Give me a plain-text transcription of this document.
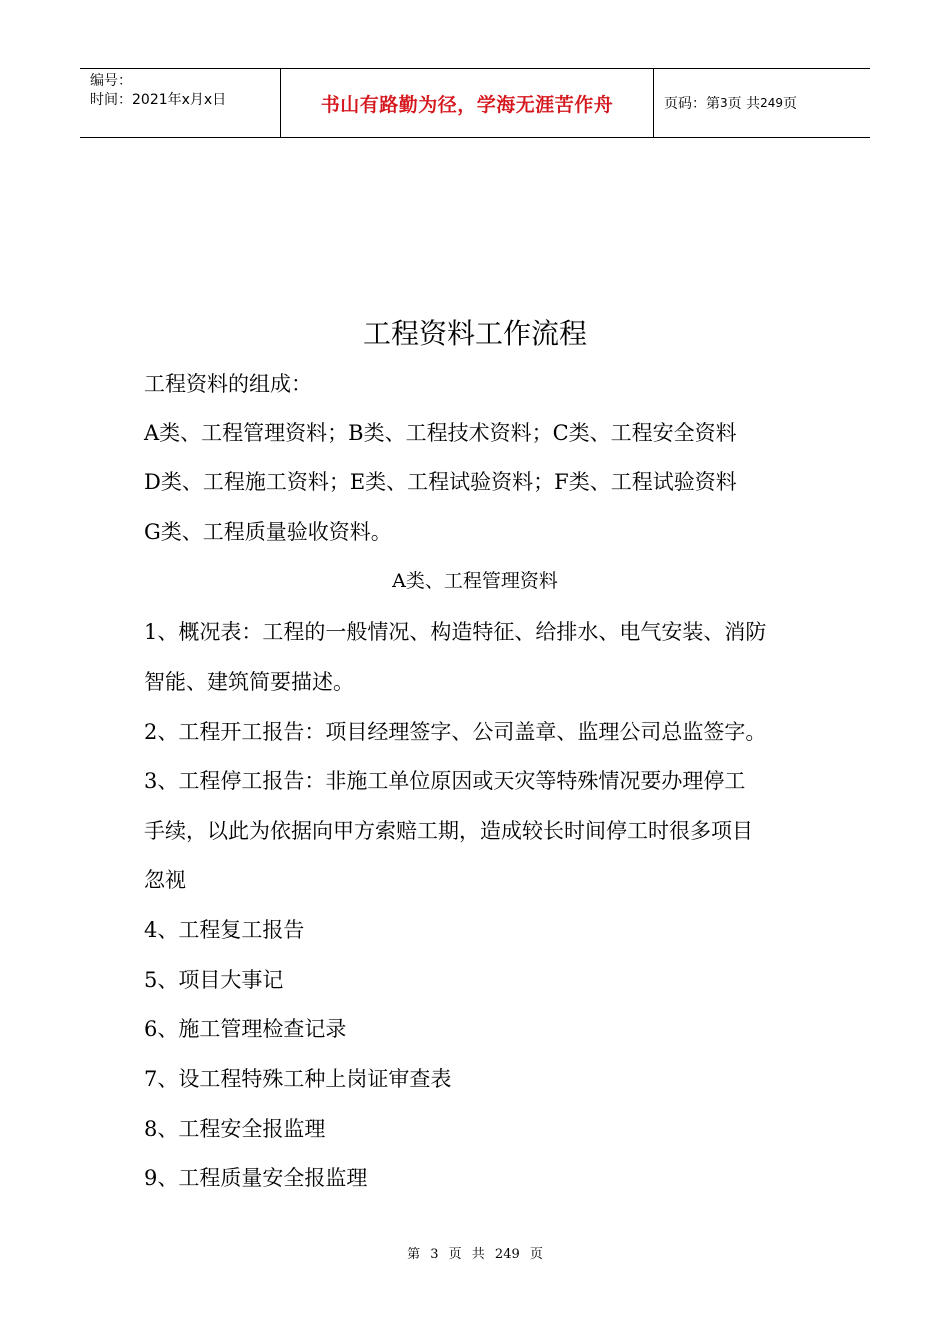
编号：
时间：2021年x月x日	书山有路勤为径，学海无涯苦作舟	页码：第 3 页 共 249 页
工程资料工作流程
工程资料的组成：
A类、工程管理资料；B类、工程技术资料；C类、工程安全资料
D类、工程施工资料；E类、工程试验资料；F类、工程试验资料
G类、工程质量验收资料。
A类、工程管理资料
1、概况表：工程的一般情况、构造特征、给排水、电气安装、消防
智能、建筑简要描述。
2、工程开工报告：项目经理签字、公司盖章、监理公司总监签字。
3、工程停工报告：非施工单位原因或天灾等特殊情况要办理停工
手续，以此为依据向甲方索赔工期，造成较长时间停工时很多项目
忽视
4、工程复工报告
5、项目大事记
6、施工管理检查记录
7、设工程特殊工种上岗证审查表
8、工程安全报监理
9、工程质量安全报监理
第 3 页 共 249 页
